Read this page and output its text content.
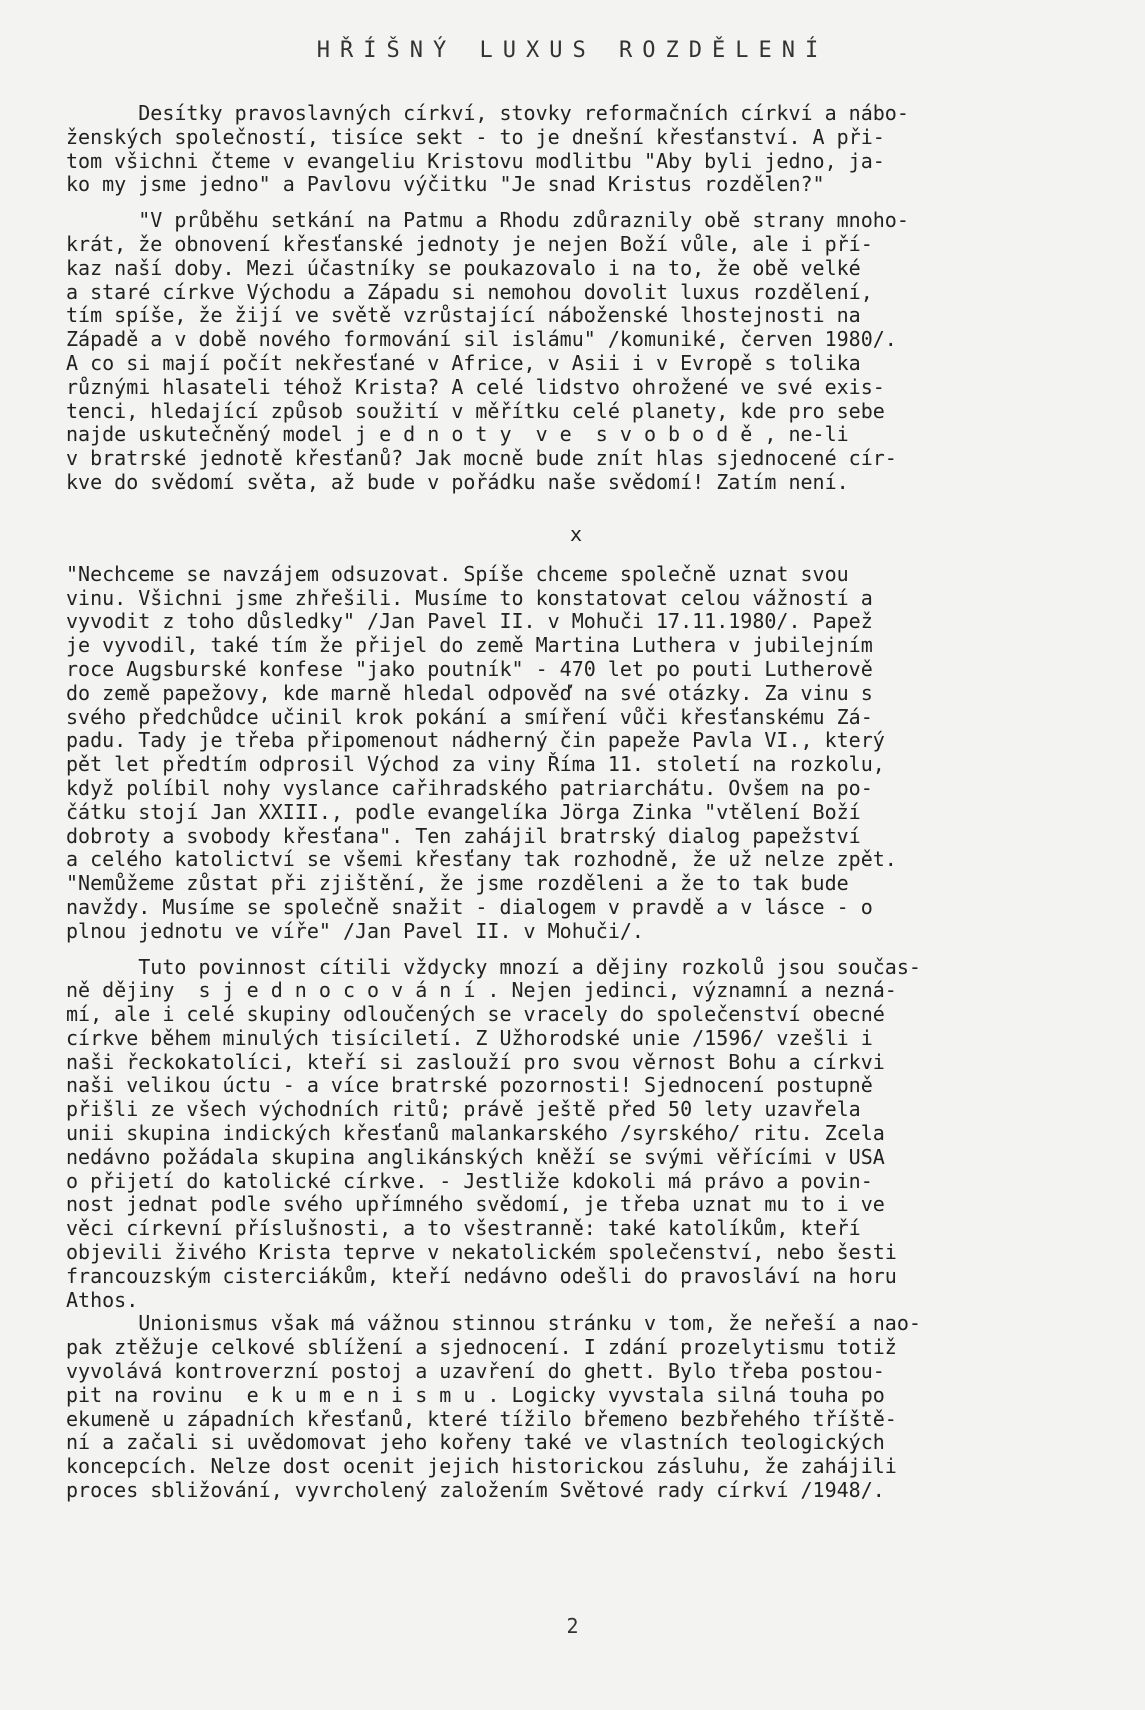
HŘÍŠNÝ LUXUS ROZDĚLENÍ
Desítky pravoslavných církví, stovky reformačních církví a nábo-
ženských společností, tisíce sekt - to je dnešní křesťanství. A při-
tom všichni čteme v evangeliu Kristovu modlitbu "Aby byli jedno, ja-
ko my jsme jedno" a Pavlovu výčitku "Je snad Kristus rozdělen?"
"V průběhu setkání na Patmu a Rhodu zdůraznily obě strany mnoho-
krát, že obnovení křesťanské jednoty je nejen Boží vůle, ale i pří-
kaz naší doby. Mezi účastníky se poukazovalo i na to, že obě velké
a staré církve Východu a Západu si nemohou dovolit luxus rozdělení,
tím spíše, že žijí ve světě vzrůstající náboženské lhostejnosti na
Západě a v době nového formování sil islámu" /komuniké, červen 1980/.
A co si mají počít nekřesťané v Africe, v Asii i v Evropě s tolika
různými hlasateli téhož Krista? A celé lidstvo ohrožené ve své exis-
tenci, hledající způsob soužití v měřítku celé planety, kde pro sebe
najde uskutečněný model j e d n o t y  v e  s v o b o d ě , ne-li
v bratrské jednotě křesťanů? Jak mocně bude znít hlas sjednocené cír-
kve do svědomí světa, až bude v pořádku naše svědomí! Zatím není.
x
"Nechceme se navzájem odsuzovat. Spíše chceme společně uznat svou
vinu. Všichni jsme zhřešili. Musíme to konstatovat celou vážností a
vyvodit z toho důsledky" /Jan Pavel II. v Mohuči 17.11.1980/. Papež
je vyvodil, také tím že přijel do země Martina Luthera v jubilejním
roce Augsburské konfese "jako poutník" - 470 let po pouti Lutherově
do země papežovy, kde marně hledal odpověď na své otázky. Za vinu s
svého předchůdce učinil krok pokání a smíření vůči křesťanskému Zá-
padu. Tady je třeba připomenout nádherný čin papeže Pavla VI., který
pět let předtím odprosil Východ za viny Říma 11. století na rozkolu,
když políbil nohy vyslance cařihradského patriarchátu. Ovšem na po-
čátku stojí Jan XXIII., podle evangelíka Jörga Zinka "vtělení Boží
dobroty a svobody křesťana". Ten zahájil bratrský dialog papežství
a celého katolictví se všemi křesťany tak rozhodně, že už nelze zpět.
"Nemůžeme zůstat při zjištění, že jsme rozděleni a že to tak bude
navždy. Musíme se společně snažit - dialogem v pravdě a v lásce - o
plnou jednotu ve víře" /Jan Pavel II. v Mohuči/.
Tuto povinnost cítili vždycky mnozí a dějiny rozkolů jsou součas-
ně dějiny  s j e d n o c o v á n í . Nejen jedinci, významní a nezná-
mí, ale i celé skupiny odloučených se vracely do společenství obecné
církve během minulých tisíciletí. Z Užhorodské unie /1596/ vzešli i
naši řeckokatolíci, kteří si zaslouží pro svou věrnost Bohu a církvi
naši velikou úctu - a více bratrské pozornosti! Sjednocení postupně
přišli ze všech východních ritů; právě ještě před 50 lety uzavřela
unii skupina indických křesťanů malankarského /syrského/ ritu. Zcela
nedávno požádala skupina anglikánských kněží se svými věřícími v USA
o přijetí do katolické církve. - Jestliže kdokoli má právo a povin-
nost jednat podle svého upřímného svědomí, je třeba uznat mu to i ve
věci církevní příslušnosti, a to všestranně: také katolíkům, kteří
objevili živého Krista teprve v nekatolickém společenství, nebo šesti
francouzským cisterciákům, kteří nedávno odešli do pravosláví na horu
Athos.
Unionismus však má vážnou stinnou stránku v tom, že neřeší a nao-
pak ztěžuje celkové sblížení a sjednocení. I zdání prozelytismu totiž
vyvolává kontroverzní postoj a uzavření do ghett. Bylo třeba postou-
pit na rovinu  e k u m e n i s m u . Logicky vyvstala silná touha po
ekumeně u západních křesťanů, které tížilo břemeno bezbřehého tříště-
ní a začali si uvědomovat jeho kořeny také ve vlastních teologických
koncepcích. Nelze dost ocenit jejich historickou zásluhu, že zahájili
proces sbližování, vyvrcholený založením Světové rady církví /1948/.
2
